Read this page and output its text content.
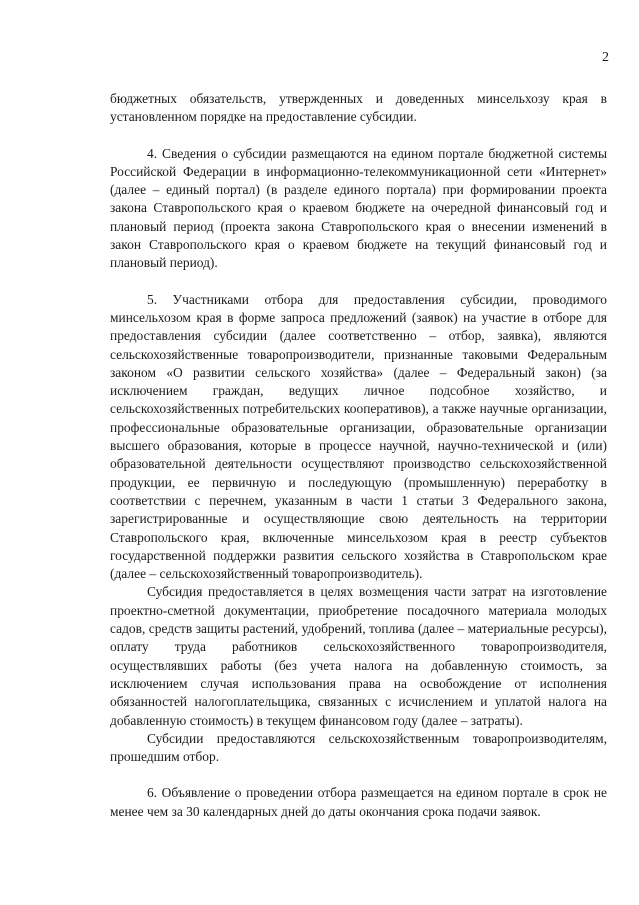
2

бюджетных обязательств, утвержденных и доведенных минсельхозу края в установленном порядке на предоставление субсидии.

4. Сведения о субсидии размещаются на едином портале бюджетной системы Российской Федерации в информационно-телекоммуникационной сети «Интернет» (далее – единый портал) (в разделе единого портала) при формировании проекта закона Ставропольского края о краевом бюджете на очередной финансовый год и плановый период (проекта закона Ставропольского края о внесении изменений в закон Ставропольского края о краевом бюджете на текущий финансовый год и плановый период).

5. Участниками отбора для предоставления субсидии, проводимого минсельхозом края в форме запроса предложений (заявок) на участие в отборе для предоставления субсидии (далее соответственно – отбор, заявка), являются сельскохозяйственные товаропроизводители, признанные таковыми Федеральным законом «О развитии сельского хозяйства» (далее – Федеральный закон) (за исключением граждан, ведущих личное подсобное хозяйство, и сельскохозяйственных потребительских кооперативов), а также научные организации, профессиональные образовательные организации, образовательные организации высшего образования, которые в процессе научной, научно-технической и (или) образовательной деятельности осуществляют производство сельскохозяйственной продукции, ее первичную и последующую (промышленную) переработку в соответствии с перечнем, указанным в части 1 статьи 3 Федерального закона, зарегистрированные и осуществляющие свою деятельность на территории Ставропольского края, включенные минсельхозом края в реестр субъектов государственной поддержки развития сельского хозяйства в Ставропольском крае (далее – сельскохозяйственный товаропроизводитель).

Субсидия предоставляется в целях возмещения части затрат на изготовление проектно-сметной документации, приобретение посадочного материала молодых садов, средств защиты растений, удобрений, топлива (далее – материальные ресурсы), оплату труда работников сельскохозяйственного товаропроизводителя, осуществлявших работы (без учета налога на добавленную стоимость, за исключением случая использования права на освобождение от исполнения обязанностей налогоплательщика, связанных с исчислением и уплатой налога на добавленную стоимость) в текущем финансовом году (далее – затраты).

Субсидии предоставляются сельскохозяйственным товаропроизводителям, прошедшим отбор.

6. Объявление о проведении отбора размещается на едином портале в срок не менее чем за 30 календарных дней до даты окончания срока подачи заявок.
